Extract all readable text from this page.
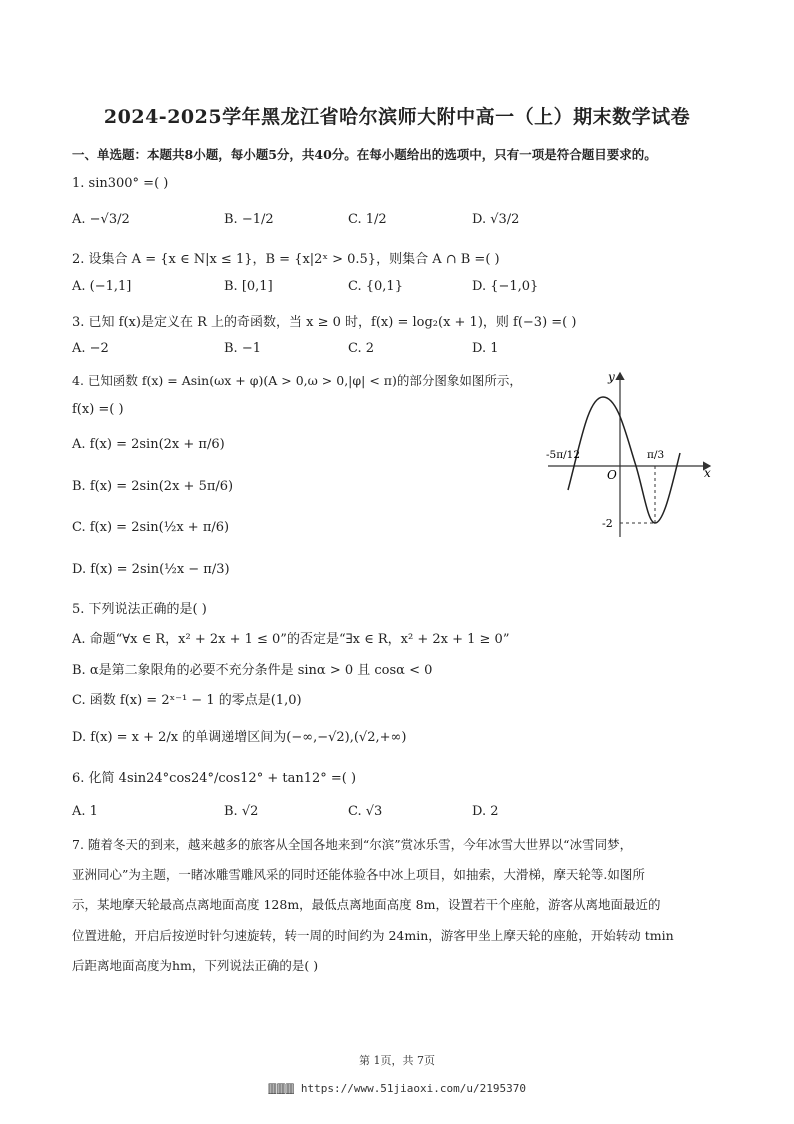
2024-2025学年黑龙江省哈尔滨师大附中高一（上）期末数学试卷
一、单选题：本题共8小题，每小题5分，共40分。在每小题给出的选项中，只有一项是符合题目要求的。
1. sin300° =( )
A. −√3/2	B. −1/2	C. 1/2	D. √3/2
2. 设集合 A = {x ∈ N|x ≤ 1}，B = {x|2ˣ > 0.5}，则集合 A ∩ B =( )
A. (−1,1]	B. [0,1]	C. {0,1}	D. {−1,0}
3. 已知 f(x)是定义在 R 上的奇函数，当 x ≥ 0 时，f(x) = log₂(x + 1)，则 f(−3) =( )
A. −2	B. −1	C. 2	D. 1
4. 已知函数 f(x) = Asin(ωx + φ)(A > 0,ω > 0,|φ| < π)的部分图象如图所示，
f(x) =( )
A. f(x) = 2sin(2x + π/6)
B. f(x) = 2sin(2x + 5π/6)
C. f(x) = 2sin(½x + π/6)
D. f(x) = 2sin(½x − π/3)
y
x
O
-5π/12	π/3
-2
5. 下列说法正确的是( )
A. 命题“∀x ∈ R，x² + 2x + 1 ≤ 0”的否定是“∃x ∈ R，x² + 2x + 1 ≥ 0”
B. α是第二象限角的必要不充分条件是 sinα > 0 且 cosα < 0
C. 函数 f(x) = 2ˣ⁻¹ − 1 的零点是(1,0)
D. f(x) = x + 2/x 的单调递增区间为(−∞,−√2),(√2,+∞)
6. 化简 4sin24°cos24°/cos12° + tan12° =( )
A. 1	B. √2	C. √3	D. 2
7. 随着冬天的到来，越来越多的旅客从全国各地来到“尔滨”赏冰乐雪，今年冰雪大世界以“冰雪同梦，
亚洲同心”为主题，一睹冰雕雪雕风采的同时还能体验各中冰上项目，如抽索，大滑梯，摩天轮等.如图所
示，某地摩天轮最高点离地面高度 128m，最低点离地面高度 8m，设置若干个座舱，游客从离地面最近的
位置进舱，开启后按逆时针匀速旋转，转一周的时间约为 24min，游客甲坐上摩天轮的座舱，开始转动 tmin
后距离地面高度为hm，下列说法正确的是( )
第 1页，共 7页
🀫🀫🀫 https://www.51jiaoxi.com/u/2195370
